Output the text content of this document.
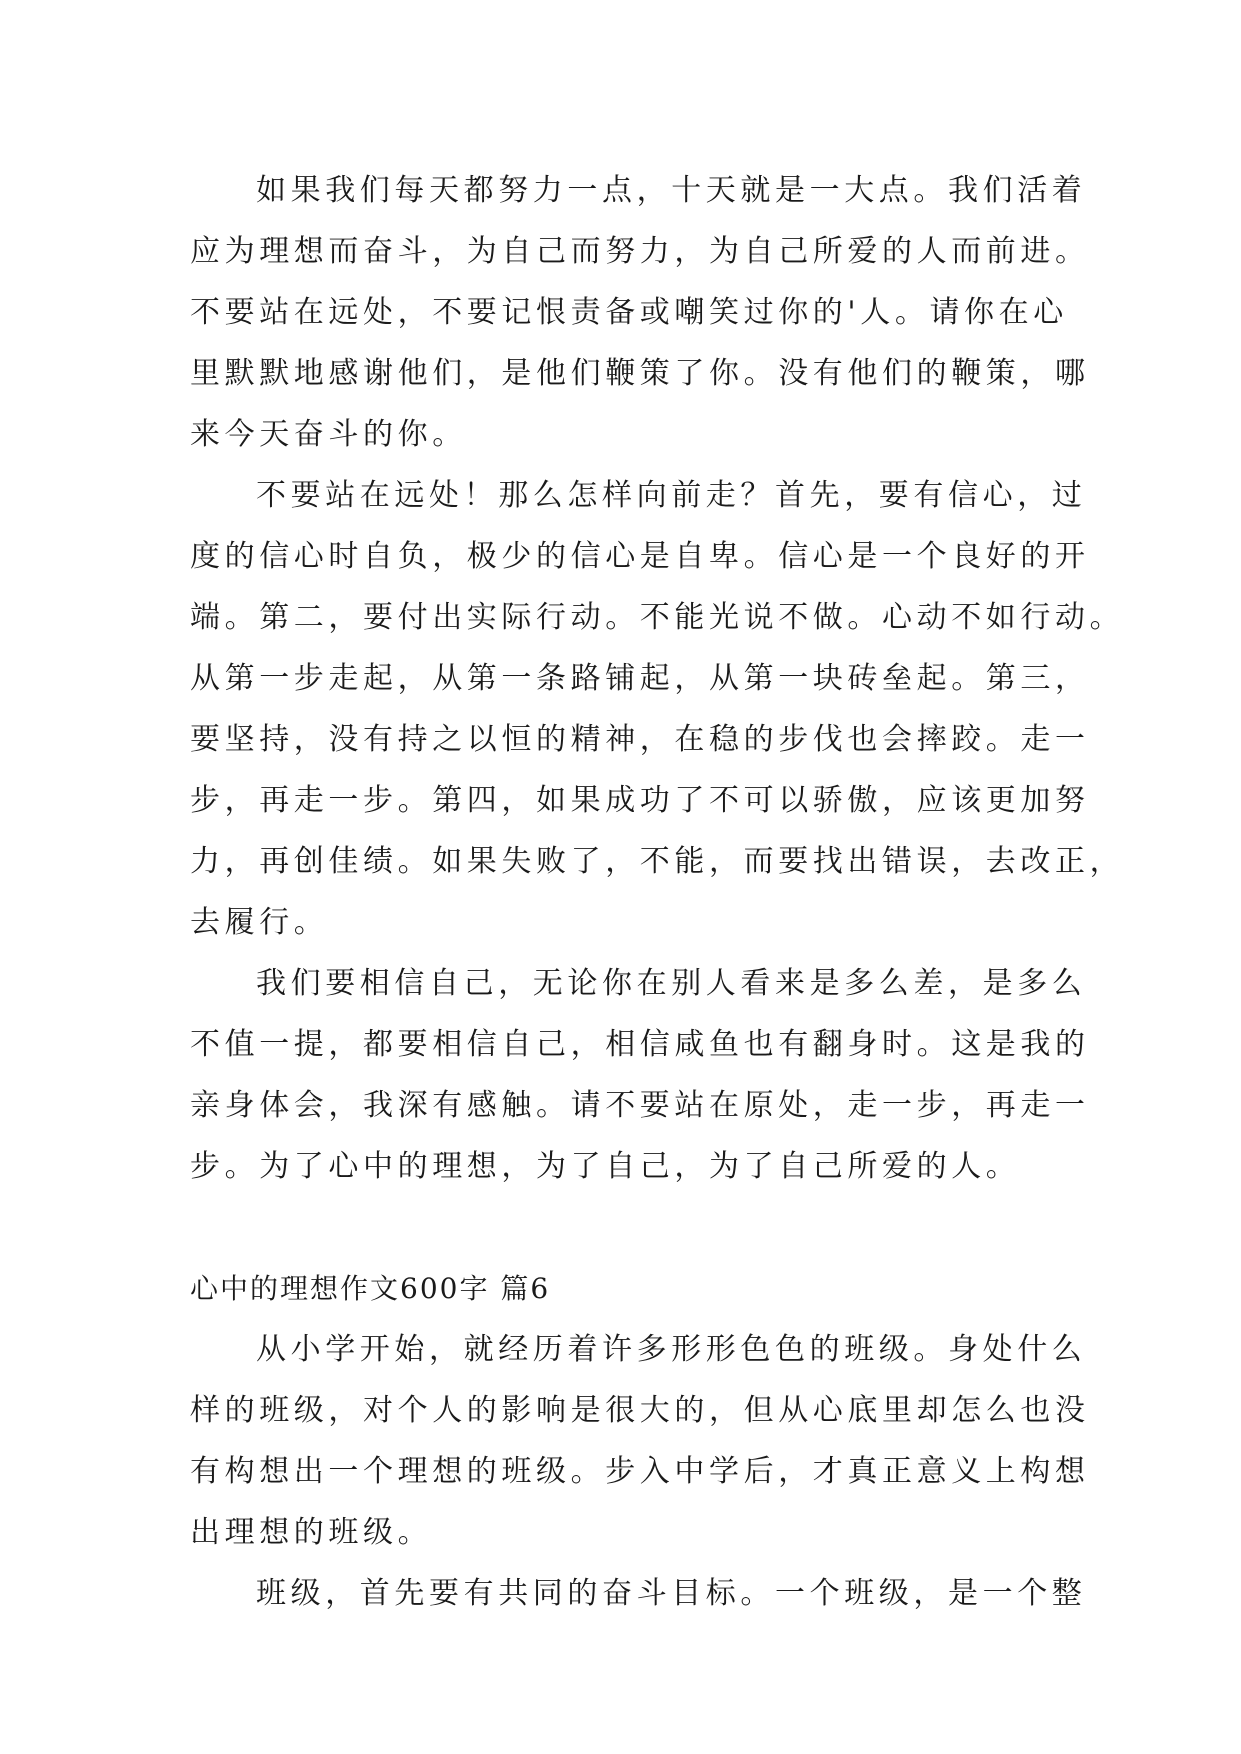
如果我们每天都努力一点，十天就是一大点。我们活着
应为理想而奋斗，为自己而努力，为自己所爱的人而前进。
不要站在远处，不要记恨责备或嘲笑过你的'人。请你在心
里默默地感谢他们，是他们鞭策了你。没有他们的鞭策，哪
来今天奋斗的你。

不要站在远处！那么怎样向前走？首先，要有信心，过
度的信心时自负，极少的信心是自卑。信心是一个良好的开
端。第二，要付出实际行动。不能光说不做。心动不如行动。
从第一步走起，从第一条路铺起，从第一块砖垒起。第三，
要坚持，没有持之以恒的精神，在稳的步伐也会摔跤。走一
步，再走一步。第四，如果成功了不可以骄傲，应该更加努
力，再创佳绩。如果失败了，不能，而要找出错误，去改正，
去履行。

我们要相信自己，无论你在别人看来是多么差，是多么
不值一提，都要相信自己，相信咸鱼也有翻身时。这是我的
亲身体会，我深有感触。请不要站在原处，走一步，再走一
步。为了心中的理想，为了自己，为了自己所爱的人。

心中的理想作文600字 篇6

从小学开始，就经历着许多形形色色的班级。身处什么
样的班级，对个人的影响是很大的，但从心底里却怎么也没
有构想出一个理想的班级。步入中学后，才真正意义上构想
出理想的班级。

班级，首先要有共同的奋斗目标。一个班级，是一个整
